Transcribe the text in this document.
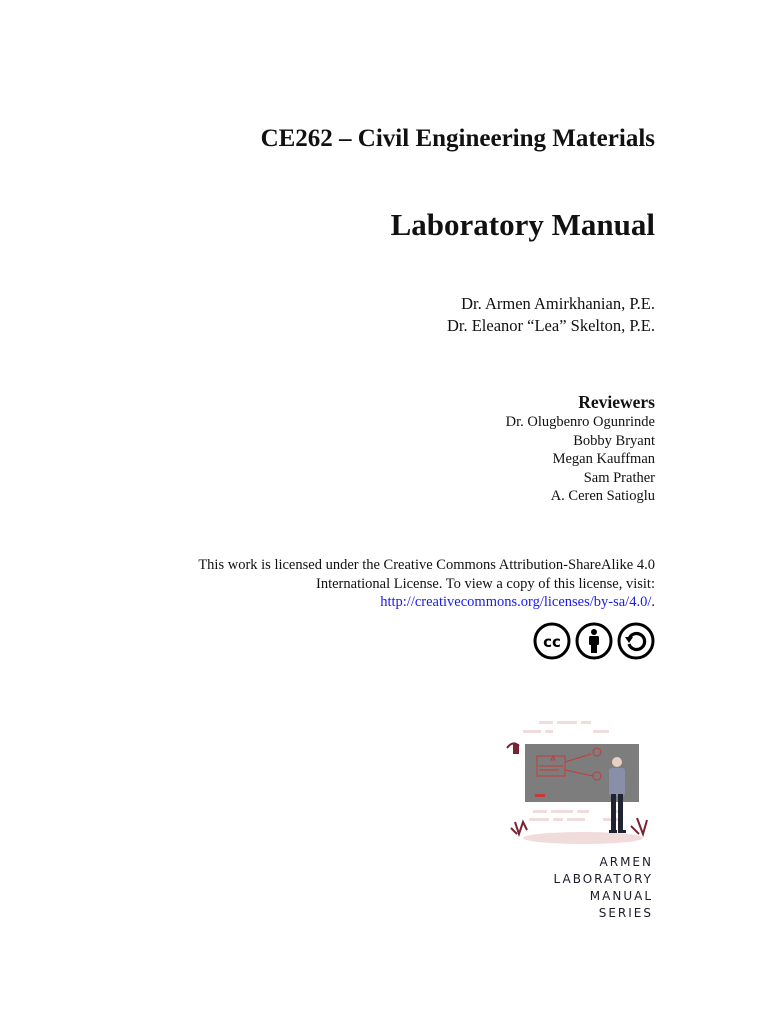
CE262 – Civil Engineering Materials
Laboratory Manual
Dr. Armen Amirkhanian, P.E.
Dr. Eleanor “Lea” Skelton, P.E.
Reviewers
Dr. Olugbenro Ogunrinde
Bobby Bryant
Megan Kauffman
Sam Prather
A. Ceren Satioglu
This work is licensed under the Creative Commons Attribution-ShareAlike 4.0
International License. To view a copy of this license, visit:
http://creativecommons.org/licenses/by-sa/4.0/.
cc
armen
laboratory
manual
series
